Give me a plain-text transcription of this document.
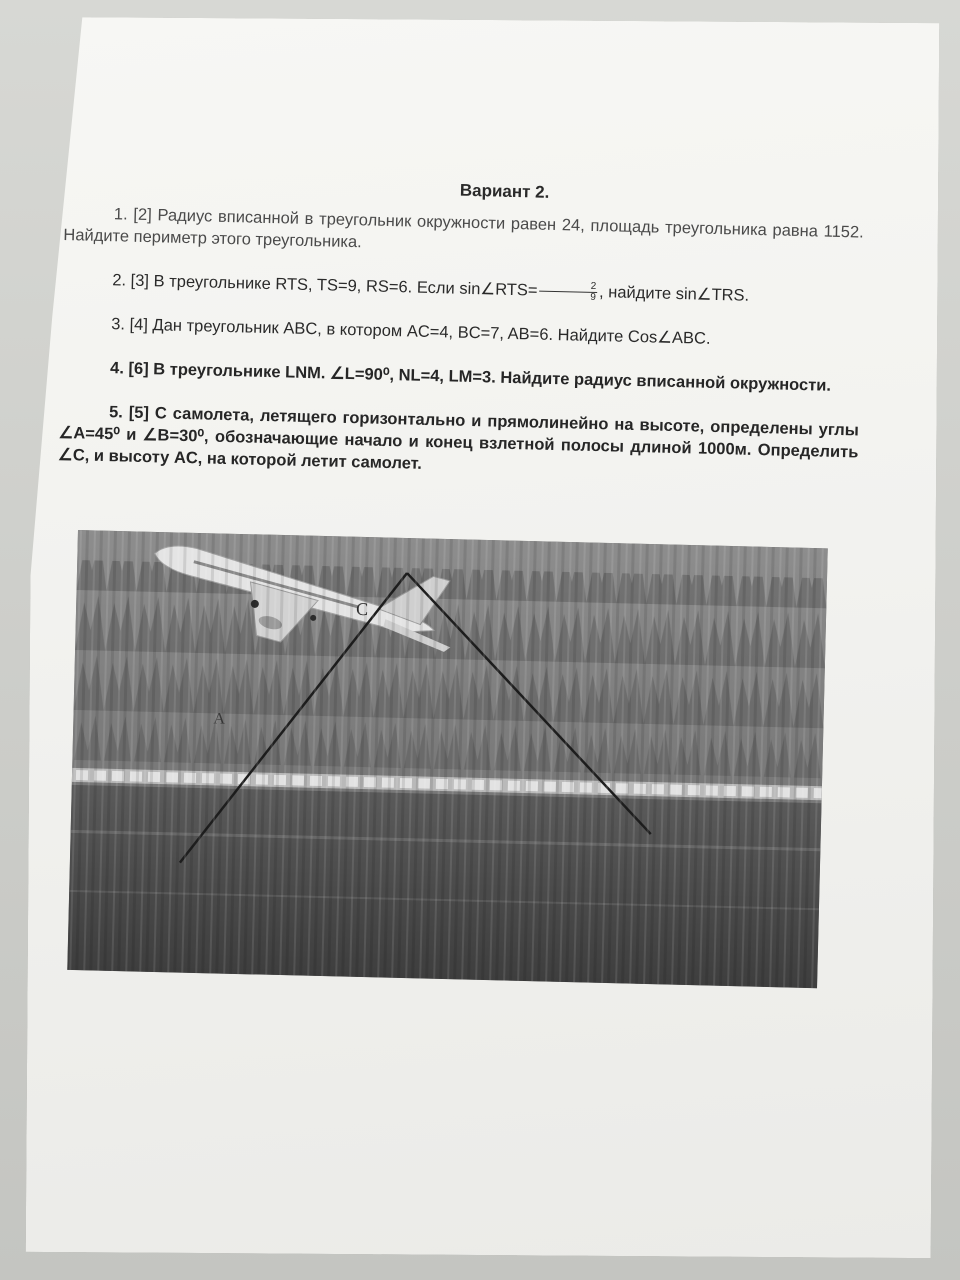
Вариант 2.

1. [2] Радиус вписанной в треугольник окружности равен 24, площадь треугольника равна 1152. Найдите периметр этого треугольника.

2. [3] В треугольнике RTS, TS=9, RS=6. Если sin∠RTS= $\frac{2}{9}$ , найдите sin∠TRS.

3. [4] Дан треугольник ABC, в котором AC=4, BC=7, AB=6. Найдите Cos∠ABC.

4. [6] В треугольнике LNM. ∠L=90⁰, NL=4, LM=3. Найдите радиус вписанной окружности.

5. [5] С самолета, летящего горизонтально и прямолинейно на высоте, определены углы ∠A=45⁰ и ∠B=30⁰, обозначающие начало и конец взлетной полосы длиной 1000м. Определить ∠C, и высоту AC, на которой летит самолет.
